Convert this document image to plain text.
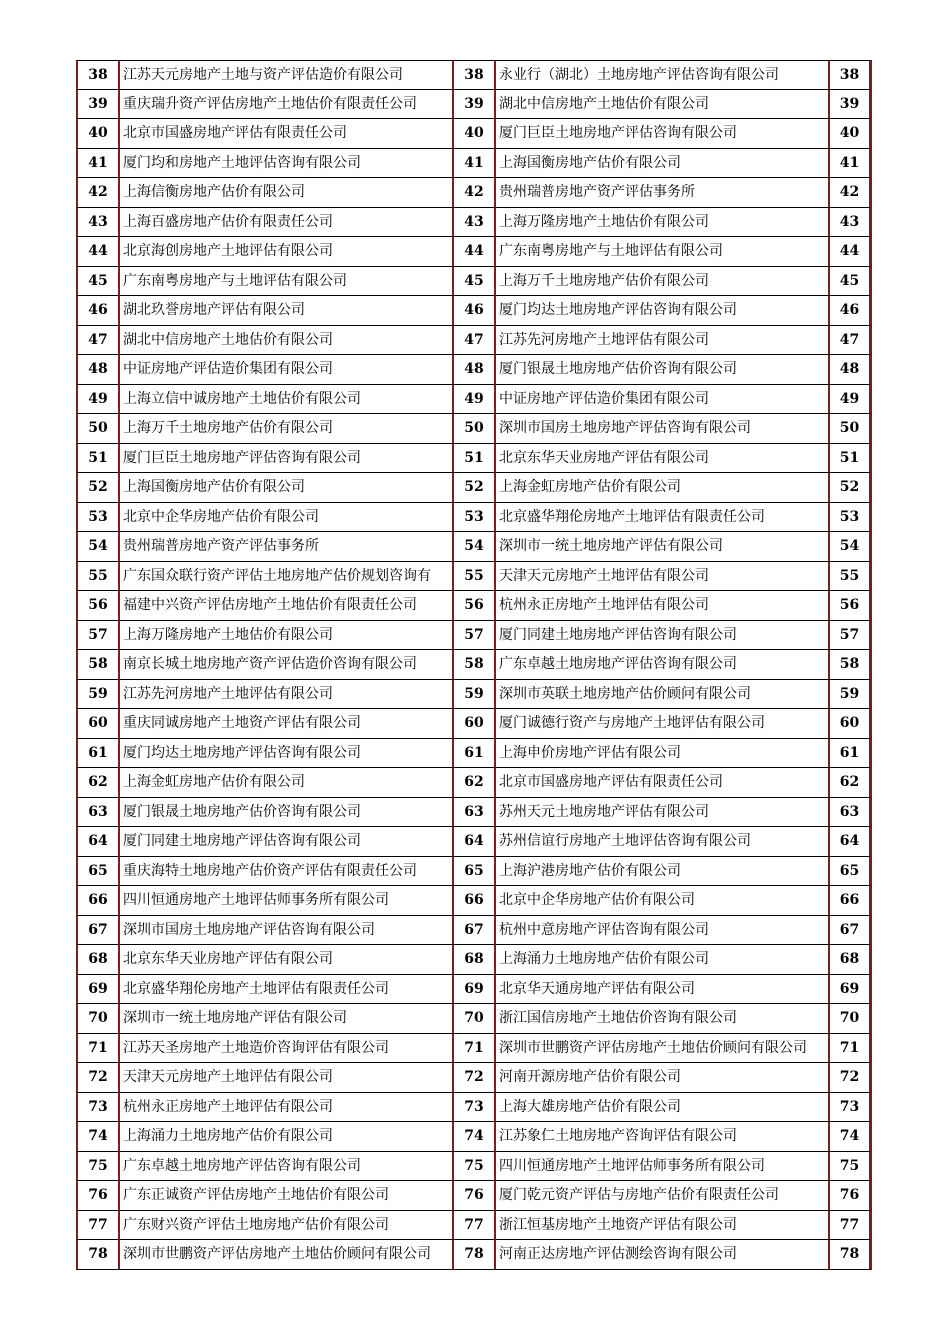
38	江苏天元房地产土地与资产评估造价有限公司	38	永业行（湖北）土地房地产评估咨询有限公司	38
39	重庆瑞升资产评估房地产土地估价有限责任公司	39	湖北中信房地产土地估价有限公司	39
40	北京市国盛房地产评估有限责任公司	40	厦门巨臣土地房地产评估咨询有限公司	40
41	厦门均和房地产土地评估咨询有限公司	41	上海国衡房地产估价有限公司	41
42	上海信衡房地产估价有限公司	42	贵州瑞普房地产资产评估事务所	42
43	上海百盛房地产估价有限责任公司	43	上海万隆房地产土地估价有限公司	43
44	北京海创房地产土地评估有限公司	44	广东南粤房地产与土地评估有限公司	44
45	广东南粤房地产与土地评估有限公司	45	上海万千土地房地产估价有限公司	45
46	湖北玖誉房地产评估有限公司	46	厦门均达土地房地产评估咨询有限公司	46
47	湖北中信房地产土地估价有限公司	47	江苏先河房地产土地评估有限公司	47
48	中证房地产评估造价集团有限公司	48	厦门银晟土地房地产估价咨询有限公司	48
49	上海立信中诚房地产土地估价有限公司	49	中证房地产评估造价集团有限公司	49
50	上海万千土地房地产估价有限公司	50	深圳市国房土地房地产评估咨询有限公司	50
51	厦门巨臣土地房地产评估咨询有限公司	51	北京东华天业房地产评估有限公司	51
52	上海国衡房地产估价有限公司	52	上海金虹房地产估价有限公司	52
53	北京中企华房地产估价有限公司	53	北京盛华翔伦房地产土地评估有限责任公司	53
54	贵州瑞普房地产资产评估事务所	54	深圳市一统土地房地产评估有限公司	54
55	广东国众联行资产评估土地房地产估价规划咨询有	55	天津天元房地产土地评估有限公司	55
56	福建中兴资产评估房地产土地估价有限责任公司	56	杭州永正房地产土地评估有限公司	56
57	上海万隆房地产土地估价有限公司	57	厦门同建土地房地产评估咨询有限公司	57
58	南京长城土地房地产资产评估造价咨询有限公司	58	广东卓越土地房地产评估咨询有限公司	58
59	江苏先河房地产土地评估有限公司	59	深圳市英联土地房地产估价顾问有限公司	59
60	重庆同诚房地产土地资产评估有限公司	60	厦门诚德行资产与房地产土地评估有限公司	60
61	厦门均达土地房地产评估咨询有限公司	61	上海申价房地产评估有限公司	61
62	上海金虹房地产估价有限公司	62	北京市国盛房地产评估有限责任公司	62
63	厦门银晟土地房地产估价咨询有限公司	63	苏州天元土地房地产评估有限公司	63
64	厦门同建土地房地产评估咨询有限公司	64	苏州信谊行房地产土地评估咨询有限公司	64
65	重庆海特土地房地产估价资产评估有限责任公司	65	上海沪港房地产估价有限公司	65
66	四川恒通房地产土地评估师事务所有限公司	66	北京中企华房地产估价有限公司	66
67	深圳市国房土地房地产评估咨询有限公司	67	杭州中意房地产评估咨询有限公司	67
68	北京东华天业房地产评估有限公司	68	上海涌力土地房地产估价有限公司	68
69	北京盛华翔伦房地产土地评估有限责任公司	69	北京华天通房地产评估有限公司	69
70	深圳市一统土地房地产评估有限公司	70	浙江国信房地产土地估价咨询有限公司	70
71	江苏天圣房地产土地造价咨询评估有限公司	71	深圳市世鹏资产评估房地产土地估价顾问有限公司	71
72	天津天元房地产土地评估有限公司	72	河南开源房地产估价有限公司	72
73	杭州永正房地产土地评估有限公司	73	上海大雄房地产估价有限公司	73
74	上海涌力土地房地产估价有限公司	74	江苏象仁土地房地产咨询评估有限公司	74
75	广东卓越土地房地产评估咨询有限公司	75	四川恒通房地产土地评估师事务所有限公司	75
76	广东正诚资产评估房地产土地估价有限公司	76	厦门乾元资产评估与房地产估价有限责任公司	76
77	广东财兴资产评估土地房地产估价有限公司	77	浙江恒基房地产土地资产评估有限公司	77
78	深圳市世鹏资产评估房地产土地估价顾问有限公司	78	河南正达房地产评估测绘咨询有限公司	78
